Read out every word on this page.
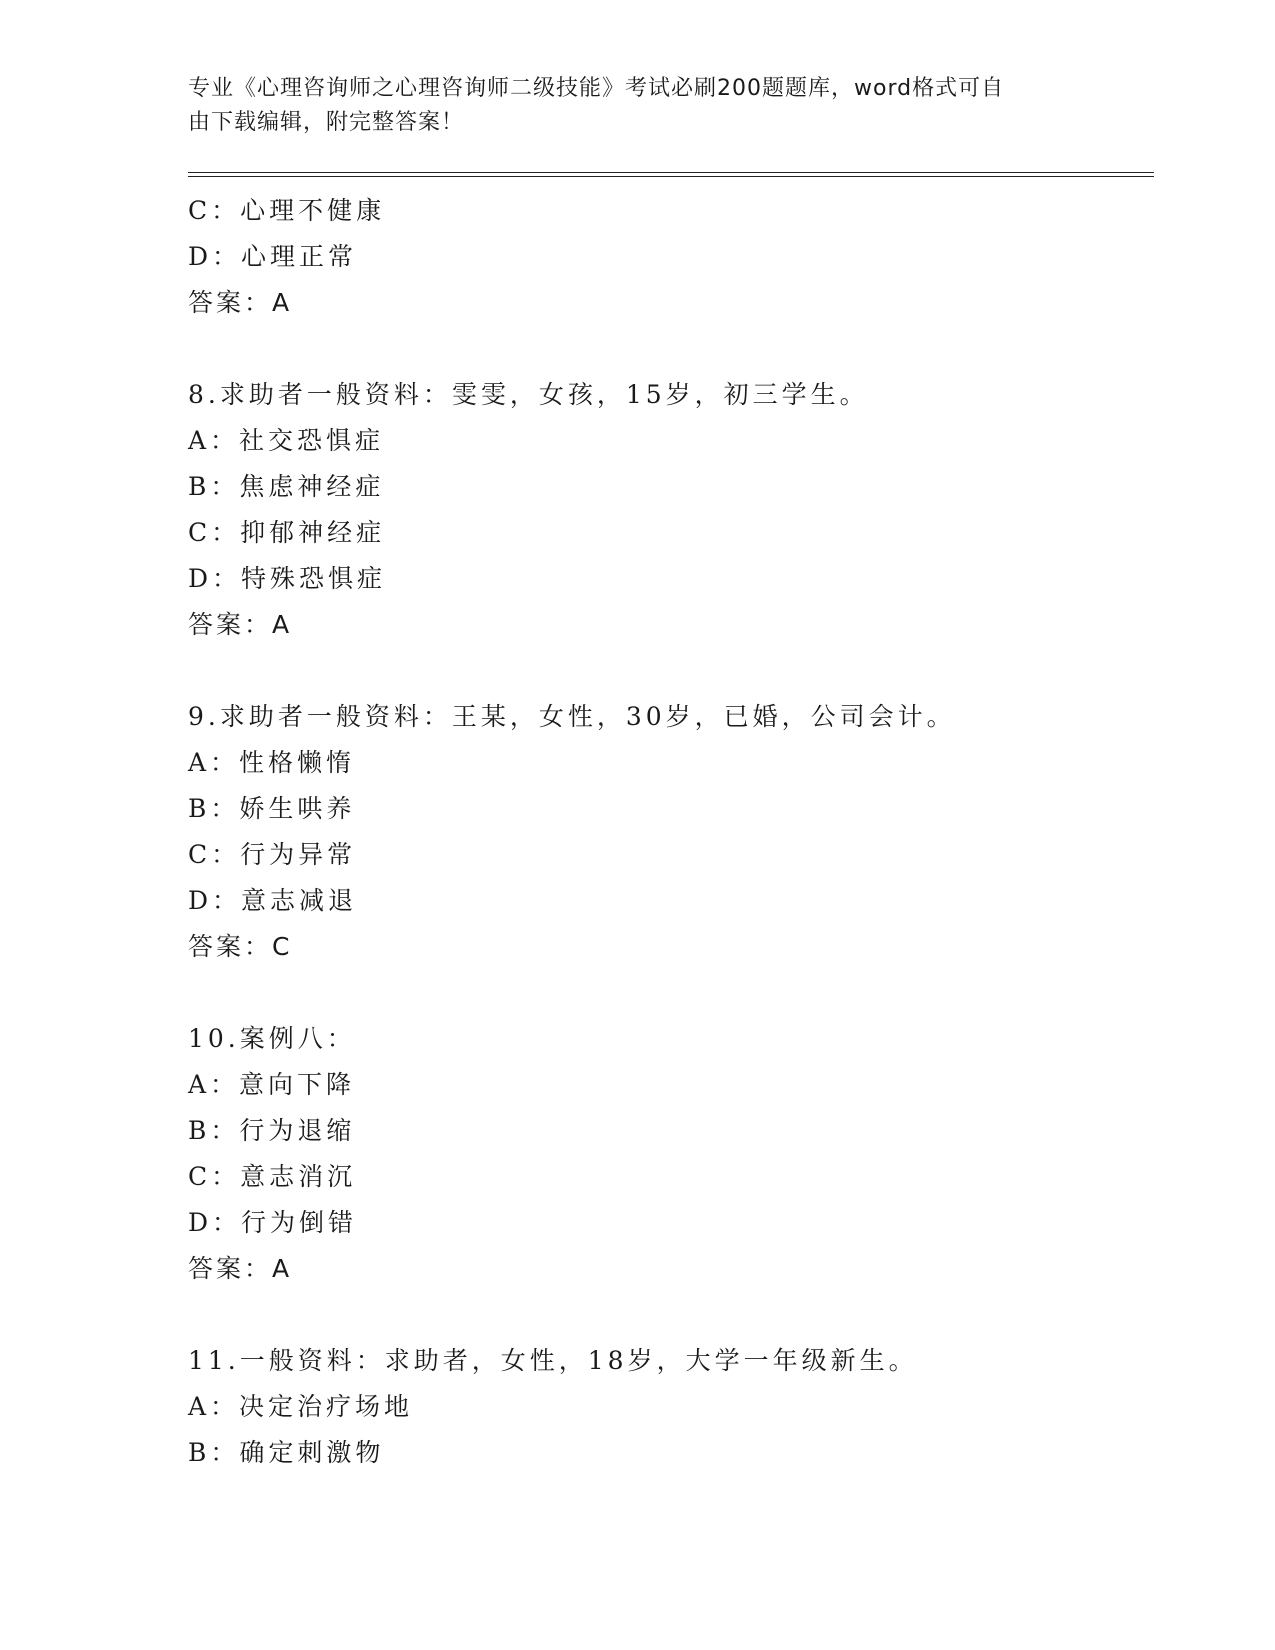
专业《心理咨询师之心理咨询师二级技能》考试必刷200题题库，word格式可自
由下载编辑，附完整答案！
C：心理不健康
D：心理正常
答案：A
8.求助者一般资料：雯雯，女孩，15岁，初三学生。
A：社交恐惧症
B：焦虑神经症
C：抑郁神经症
D：特殊恐惧症
答案：A
9.求助者一般资料：王某，女性，30岁，已婚，公司会计。
A：性格懒惰
B：娇生哄养
C：行为异常
D：意志减退
答案：C
10.案例八：
A：意向下降
B：行为退缩
C：意志消沉
D：行为倒错
答案：A
11.一般资料：求助者，女性，18岁，大学一年级新生。
A：决定治疗场地
B：确定刺激物
